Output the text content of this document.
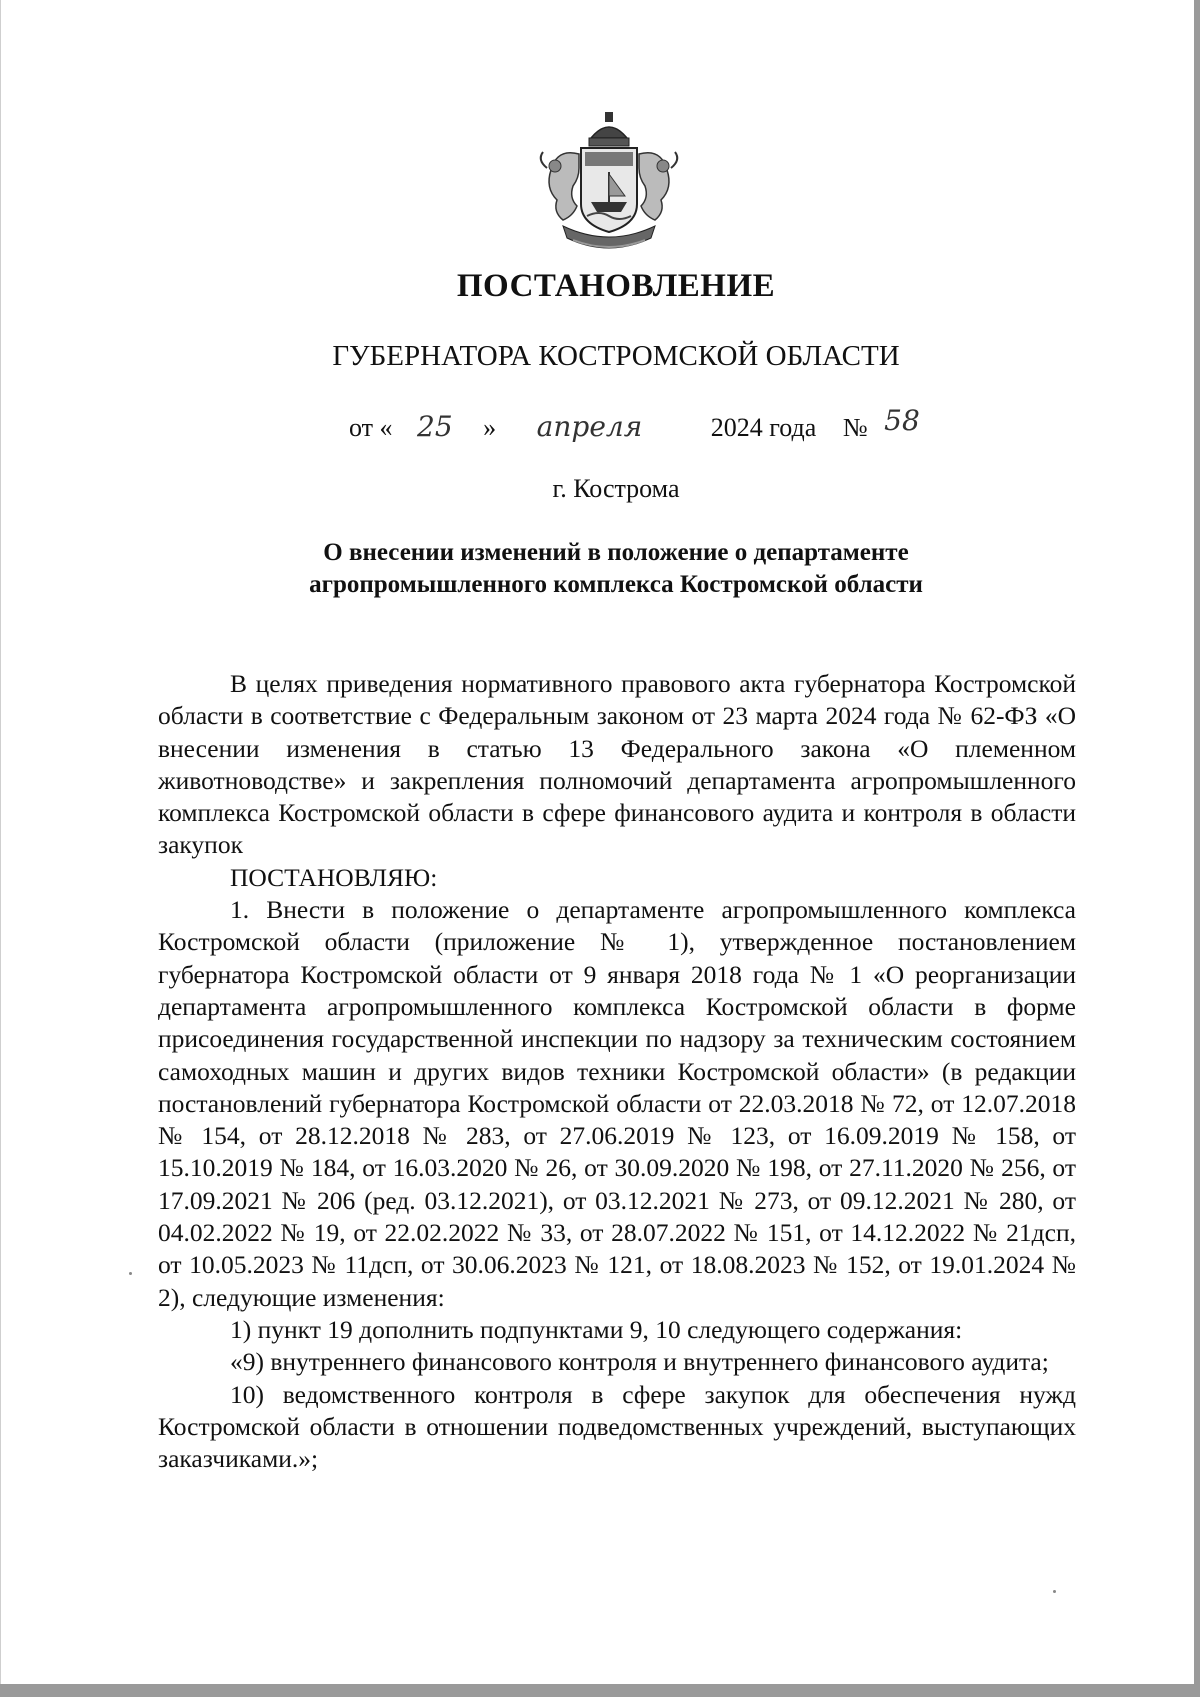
ПОСТАНОВЛЕНИЕ
ГУБЕРНАТОРА КОСТРОМСКОЙ ОБЛАСТИ
от « 25 » апреля	2024 года № 58
г. Кострома
О внесении изменений в положение о департаменте
агропромышленного комплекса Костромской области

В целях приведения нормативного правового акта губернатора Костромской области в соответствие с Федеральным законом от 23 марта 2024 года № 62-ФЗ «О внесении изменения в статью 13 Федерального закона «О племенном животноводстве» и закрепления полномочий департамента агропромышленного комплекса Костромской области в сфере финансового аудита и контроля в области закупок

ПОСТАНОВЛЯЮ:

1. Внести в положение о департаменте агропромышленного комплекса Костромской области (приложение № 1), утвержденное постановлением губернатора Костромской области от 9 января 2018 года № 1 «О реорганизации департамента агропромышленного комплекса Костромской области в форме присоединения государственной инспекции по надзору за техническим состоянием самоходных машин и других видов техники Костромской области» (в редакции постановлений губернатора Костромской области от 22.03.2018 № 72, от 12.07.2018 № 154, от 28.12.2018 № 283, от 27.06.2019 № 123, от 16.09.2019 № 158, от 15.10.2019 № 184, от 16.03.2020 № 26, от 30.09.2020 № 198, от 27.11.2020 № 256, от 17.09.2021 № 206 (ред. 03.12.2021), от 03.12.2021 № 273, от 09.12.2021 № 280, от 04.02.2022 № 19, от 22.02.2022 № 33, от 28.07.2022 № 151, от 14.12.2022 № 21дсп, от 10.05.2023 № 11дсп, от 30.06.2023 № 121, от 18.08.2023 № 152, от 19.01.2024 № 2), следующие изменения:

1) пункт 19 дополнить подпунктами 9, 10 следующего содержания:

«9) внутреннего финансового контроля и внутреннего финансового аудита;

10) ведомственного контроля в сфере закупок для обеспечения нужд Костромской области в отношении подведомственных учреждений, выступающих заказчиками.»;
